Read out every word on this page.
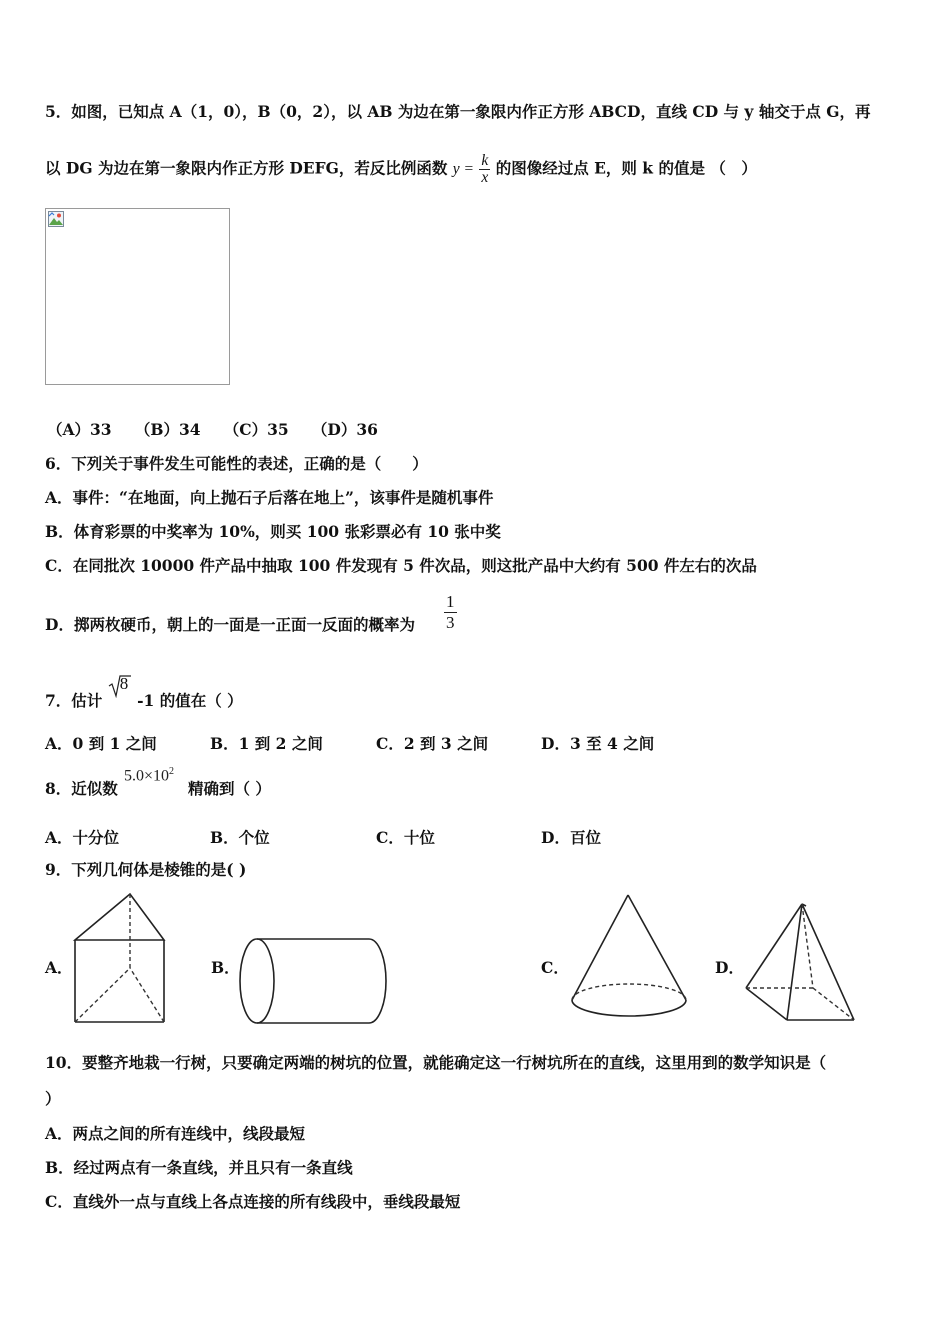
5．如图，已知点 A（1，0），B（0，2），以 AB 为边在第一象限内作正方形 ABCD，直线 CD 与 y 轴交于点 G，再
以 DG 为边在第一象限内作正方形 DEFG，若反比例函数 $y = \frac{k}{x}$ 的图像经过点 E，则 k 的值是 （　）
（A）33　　（B）34　　（C）35　　（D）36
6．下列关于事件发生可能性的表述，正确的是（　　）
A．事件：“在地面，向上抛石子后落在地上”，该事件是随机事件
B．体育彩票的中奖率为 10%，则买 100 张彩票必有 10 张中奖
C．在同批次 10000 件产品中抽取 100 件发现有 5 件次品，则这批产品中大约有 500 件左右的次品
D．掷两枚硬币，朝上的一面是一正面一反面的概率为 $\frac{1}{3}$
7．估计
8
-1 的值在（ ）
A．0 到 1 之间	B．1 到 2 之间	C．2 到 3 之间	D．3 至 4 之间
8．近似数
$5.0\times 10^2$
精确到（ ）
A．十分位	B．个位	C．十位	D．百位
9．下列几何体是棱锥的是( )
A．	B．	C．	D．
10．要整齐地栽一行树，只要确定两端的树坑的位置，就能确定这一行树坑所在的直线，这里用到的数学知识是（
）
A．两点之间的所有连线中，线段最短
B．经过两点有一条直线，并且只有一条直线
C．直线外一点与直线上各点连接的所有线段中，垂线段最短
